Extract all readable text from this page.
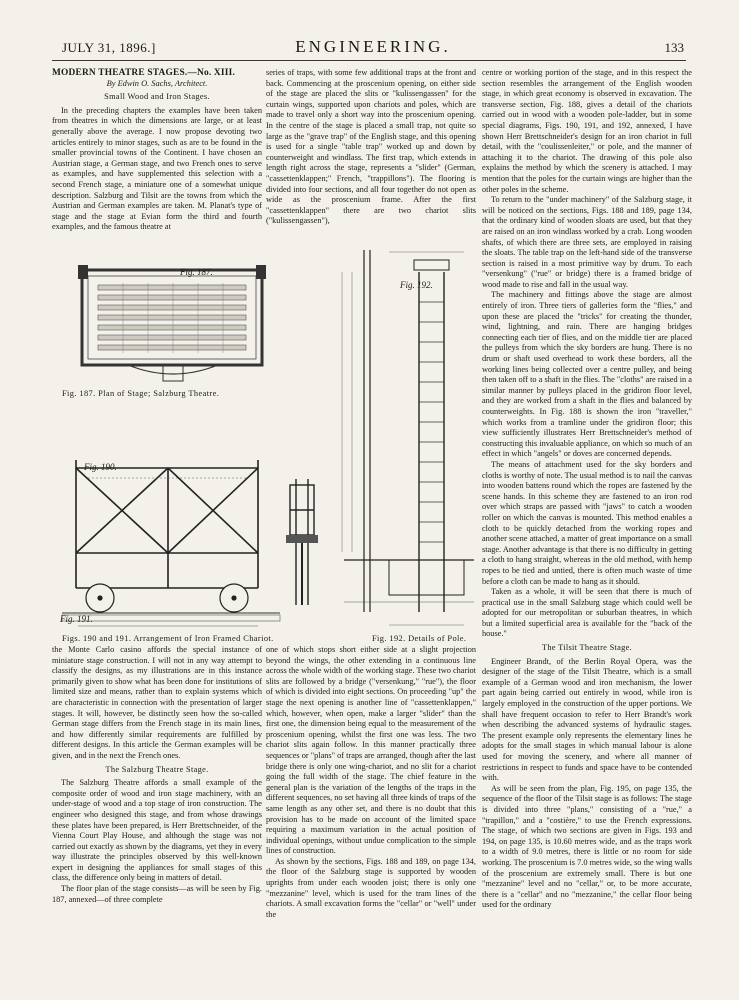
JULY 31, 1896.]	ENGINEERING.	133

MODERN THEATRE STAGES.—No. XIII.

By Edwin O. Sachs, Architect.

Small Wood and Iron Stages.

In the preceding chapters the examples have been taken from theatres in which the dimensions are large, or at least generally above the average. I now propose devoting two articles entirely to minor stages, such as are to be found in the smaller provincial towns of the Continent. I have chosen an Austrian stage, a German stage, and two French ones to serve as examples, and have supplemented this selection with a second French stage, a miniature one of a somewhat unique description. Salzburg and Tilsit are the towns from which the Austrian and German examples are taken. M. Planat's type of stage and the stage at Evian form the third and fourth examples, and the famous theatre at

series of traps, with some few additional traps at the front and back. Commencing at the proscenium opening, on either side of the stage are placed the slits or "kulissengassen" for the curtain wings, supported upon chariots and poles, which are made to travel only a short way into the proscenium opening. In the centre of the stage is placed a small trap, not quite so large as the "grave trap" of the English stage, and this opening is used for a single "table trap" worked up and down by counterweight and windlass. The first trap, which extends in length right across the stage, represents a "slider" (German, "cassettenklappen;" French, "trappillons"). The flooring is divided into four sections, and all four together do not open as wide as the proscenium frame. After the first "cassettenklappen" there are two chariot slits ("kulissengassen"),

Fig. 187.
Fig. 187. Plan of Stage; Salzburg Theatre.
Fig. 190.
Fig. 191.
Fig. 192.
Figs. 190 and 191. Arrangement of Iron Framed Chariot.	Fig. 192. Details of Pole.

the Monte Carlo casino affords the special instance of miniature stage construction. I will not in any way attempt to classify the designs, as my illustrations are in this instance primarily given to show what has been done for institutions of limited size and means, rather than to explain systems which are characteristic in connection with the presentation of larger stages. It will, however, be distinctly seen how the so-called German stage differs from the French stage in its main lines, and how differently similar requirements are fulfilled by different designs. In this article the German examples will be given, and in the next the French ones.

The Salzburg Theatre Stage.

The Salzburg Theatre affords a small example of the composite order of wood and iron stage machinery, with an under-stage of wood and a top stage of iron construction. The engineer who designed this stage, and from whose drawings these plates have been prepared, is Herr Brettschneider, of the Vienna Court Play House, and although the stage was not carried out exactly as shown by the diagrams, yet they in every way illustrate the principles observed by this well-known expert in designing the appliances for small stages of this class, the difference only being in matters of detail.

The floor plan of the stage consists—as will be seen by Fig. 187, annexed—of three complete

one of which stops short either side at a slight projection beyond the wings, the other extending in a continuous line across the whole width of the working stage. These two chariot slits are followed by a bridge ("versenkung," "rue"), the floor of which is divided into eight sections. On proceeding "up" the stage the next opening is another line of "cassettenklappen," which, however, when open, make a larger "slider" than the first one, the dimension being equal to the measurement of the proscenium opening, whilst the first one was less. The two chariot slits again follow. In this manner practically three sequences or "plans" of traps are arranged, though after the last bridge there is only one wing-chariot, and no slit for a chariot going the full width of the stage. The chief feature in the general plan is the variation of the lengths of the traps in the different sequences, no set having all three kinds of traps of the same length as any other set, and there is no doubt that this provision has to be made on account of the limited space requiring a maximum variation in the actual position of individual openings, without undue complication to the simple lines of construction.

As shown by the sections, Figs. 188 and 189, on page 134, the floor of the Salzburg stage is supported by wooden uprights from under each wooden joist; there is only one "mezzanine" level, which is used for the tram lines of the chariots. A small excavation forms the "cellar" or "well" under the

centre or working portion of the stage, and in this respect the section resembles the arrangement of the English wooden stage, in which great economy is observed in excavation. The transverse section, Fig. 188, gives a detail of the chariots carried out in wood with a wooden pole-ladder, but in some special diagrams, Figs. 190, 191, and 192, annexed, I have shown Herr Brettschneider's design for an iron chariot in full detail, with the "coulissenleiter," or pole, and the manner of attaching it to the chariot. The drawing of this pole also explains the method by which the scenery is attached. I may mention that the poles for the curtain wings are higher than the other poles in the scheme.

To return to the "under machinery" of the Salzburg stage, it will be noticed on the sections, Figs. 188 and 189, page 134, that the ordinary kind of wooden sloats are used, but that they are raised on an iron windlass worked by a crab. Long wooden shafts, of which there are three sets, are employed in raising the sloats. The table trap on the left-hand side of the transverse section is raised in a most primitive way by drum. To each "versenkung" ("rue" or bridge) there is a framed bridge of wood made to rise and fall in the usual way.

The machinery and fittings above the stage are almost entirely of iron. Three tiers of galleries form the "flies," and upon these are placed the "tricks" for creating the thunder, wind, lightning, and rain. There are hanging bridges connecting each tier of flies, and on the middle tier are placed the pulleys from which the sky borders are hung. There is no drum or shaft used overhead to work these borders, all the working lines being collected over a centre pulley, and being then taken off to a shaft in the flies. The "cloths" are raised in a similar manner by pulleys placed in the gridiron floor level, and they are worked from a shaft in the flies and balanced by counterweights. In Fig. 188 is shown the iron "traveller," which works from a tramline under the gridiron floor; this view sufficiently illustrates Herr Brettschneider's method of constructing this invaluable appliance, on which so much of an effect in which "angels" or doves are concerned depends.

The means of attachment used for the sky borders and cloths is worthy of note. The usual method is to nail the canvas into wooden battens round which the ropes are fastened by the scene hands. In this scheme they are fastened to an iron rod over which straps are passed with "jaws" to catch a wooden roller on which the canvas is mounted. This method enables a cloth to be quickly detached from the working ropes and another scene attached, a matter of great importance on a small stage. Another advantage is that there is no difficulty in getting a cloth to hang straight, whereas in the old method, with hemp ropes to be tied and untied, there is often much waste of time before a cloth can be made to hang as it should.

Taken as a whole, it will be seen that there is much of practical use in the small Salzburg stage which could well be adopted for our metropolitan or suburban theatres, in which but a limited superficial area is available for the "back of the house."

The Tilsit Theatre Stage.

Engineer Brandt, of the Berlin Royal Opera, was the designer of the stage of the Tilsit Theatre, which is a small example of a German wood and iron mechanism, the lower part again being carried out entirely in wood, while iron is largely employed in the construction of the upper portions. We shall have frequent occasion to refer to Herr Brandt's work when describing the advanced systems of hydraulic stages. The present example only represents the elementary lines he adopts for the small stages in which manual labour is alone used for moving the scenery, and where all manner of restrictions in respect to funds and space have to be contended with.

As will be seen from the plan, Fig. 195, on page 135, the sequence of the floor of the Tilsit stage is as follows: The stage is divided into three "plans," consisting of a "rue," a "trapillon," and a "costière," to use the French expressions. The stage, of which two sections are given in Figs. 193 and 194, on page 135, is 10.60 metres wide, and as the traps work to a width of 9.0 metres, there is little or no room for side working. The proscenium is 7.0 metres wide, so the wing walls of the proscenium are extremely small. There is but one "mezzanine" level and no "cellar," or, to be more accurate, there is a "cellar" and no "mezzanine," the cellar floor being used for the ordinary
